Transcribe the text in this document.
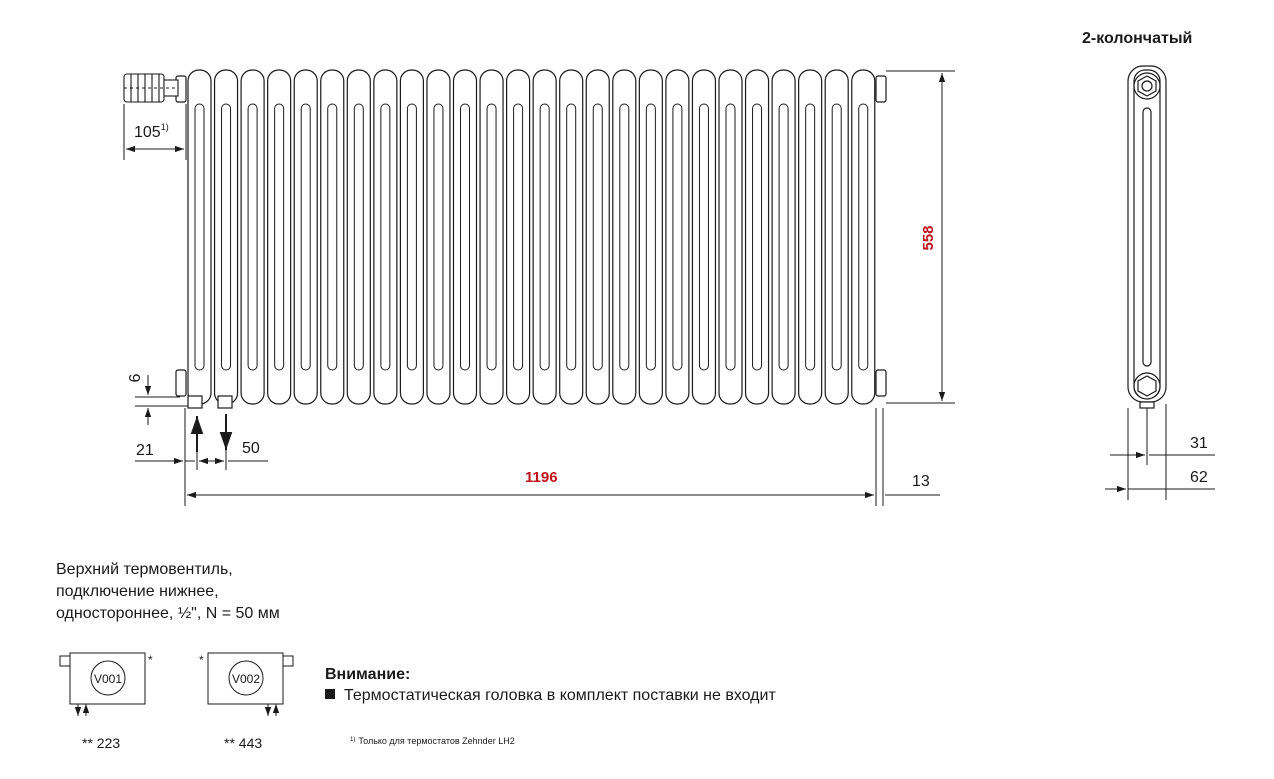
105$^{1)}$
558
6
21	50
1196	13
31
62
V001
*
V002
*
2-колончатый
Верхний термовентиль,
подключение нижнее,
одностороннее, ½", N = 50 мм
** 223	** 443
Внимание:
Термостатическая головка в комплект поставки не входит
$^{1)}$ Только для термостатов Zehnder LH2
